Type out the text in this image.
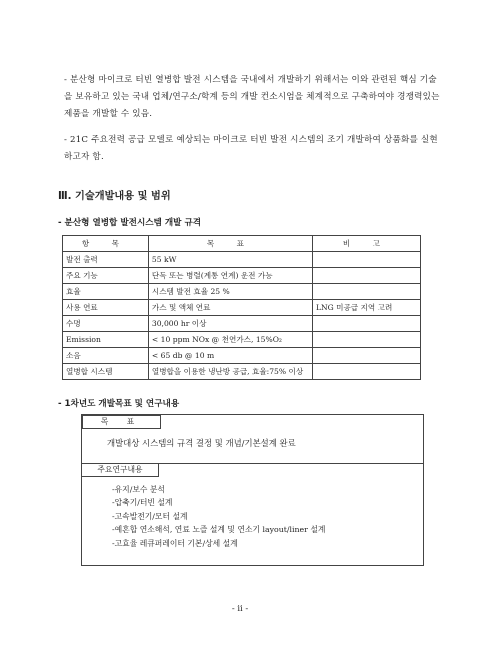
- 분산형 마이크로 터빈 열병합 발전 시스템을 국내에서 개발하기 위해서는 이와 관련된 핵심 기술을 보유하고 있는 국내 업체/연구소/학계 등의 개발 컨소시엄을 체계적으로 구축하여야 경쟁력있는 제품을 개발할 수 있음.
- 21C 주요전력 공급 모델로 예상되는 마이크로 터빈 발전 시스템의 조기 개발하여 상품화를 실현하고자 함.
Ⅲ. 기술개발내용 및 범위
- 분산형 열병합 발전시스템 개발 규격
항 목	목 표	비 고
발전 출력	55 kW	
주요 기능	단독 또는 병렬(계통 연계) 운전 가능	
효율	시스템 발전 효율 25 %	
사용 연료	가스 및 액체 연료	LNG 미공급 지역 고려
수명	30,000 hr 이상	
Emission	< 10 ppm NOx @ 천연가스, 15%O₂	
소음	< 65 db @ 10 m	
열병합 시스템	열병합을 이용한 냉난방 공급, 효율:75% 이상	
- 1차년도 개발목표 및 연구내용
목 표
개발대상 시스템의 규격 결정 및 개념/기본설계 완료
주요연구내용
-유지/보수 분석
-압축기/터빈 설계
-고속발전기/모터 설계
-예혼합 연소해석, 연료 노즐 설계 및 연소기 layout/liner 설계
-고효율 레큐퍼레이터 기본/상세 설계
- ii -
